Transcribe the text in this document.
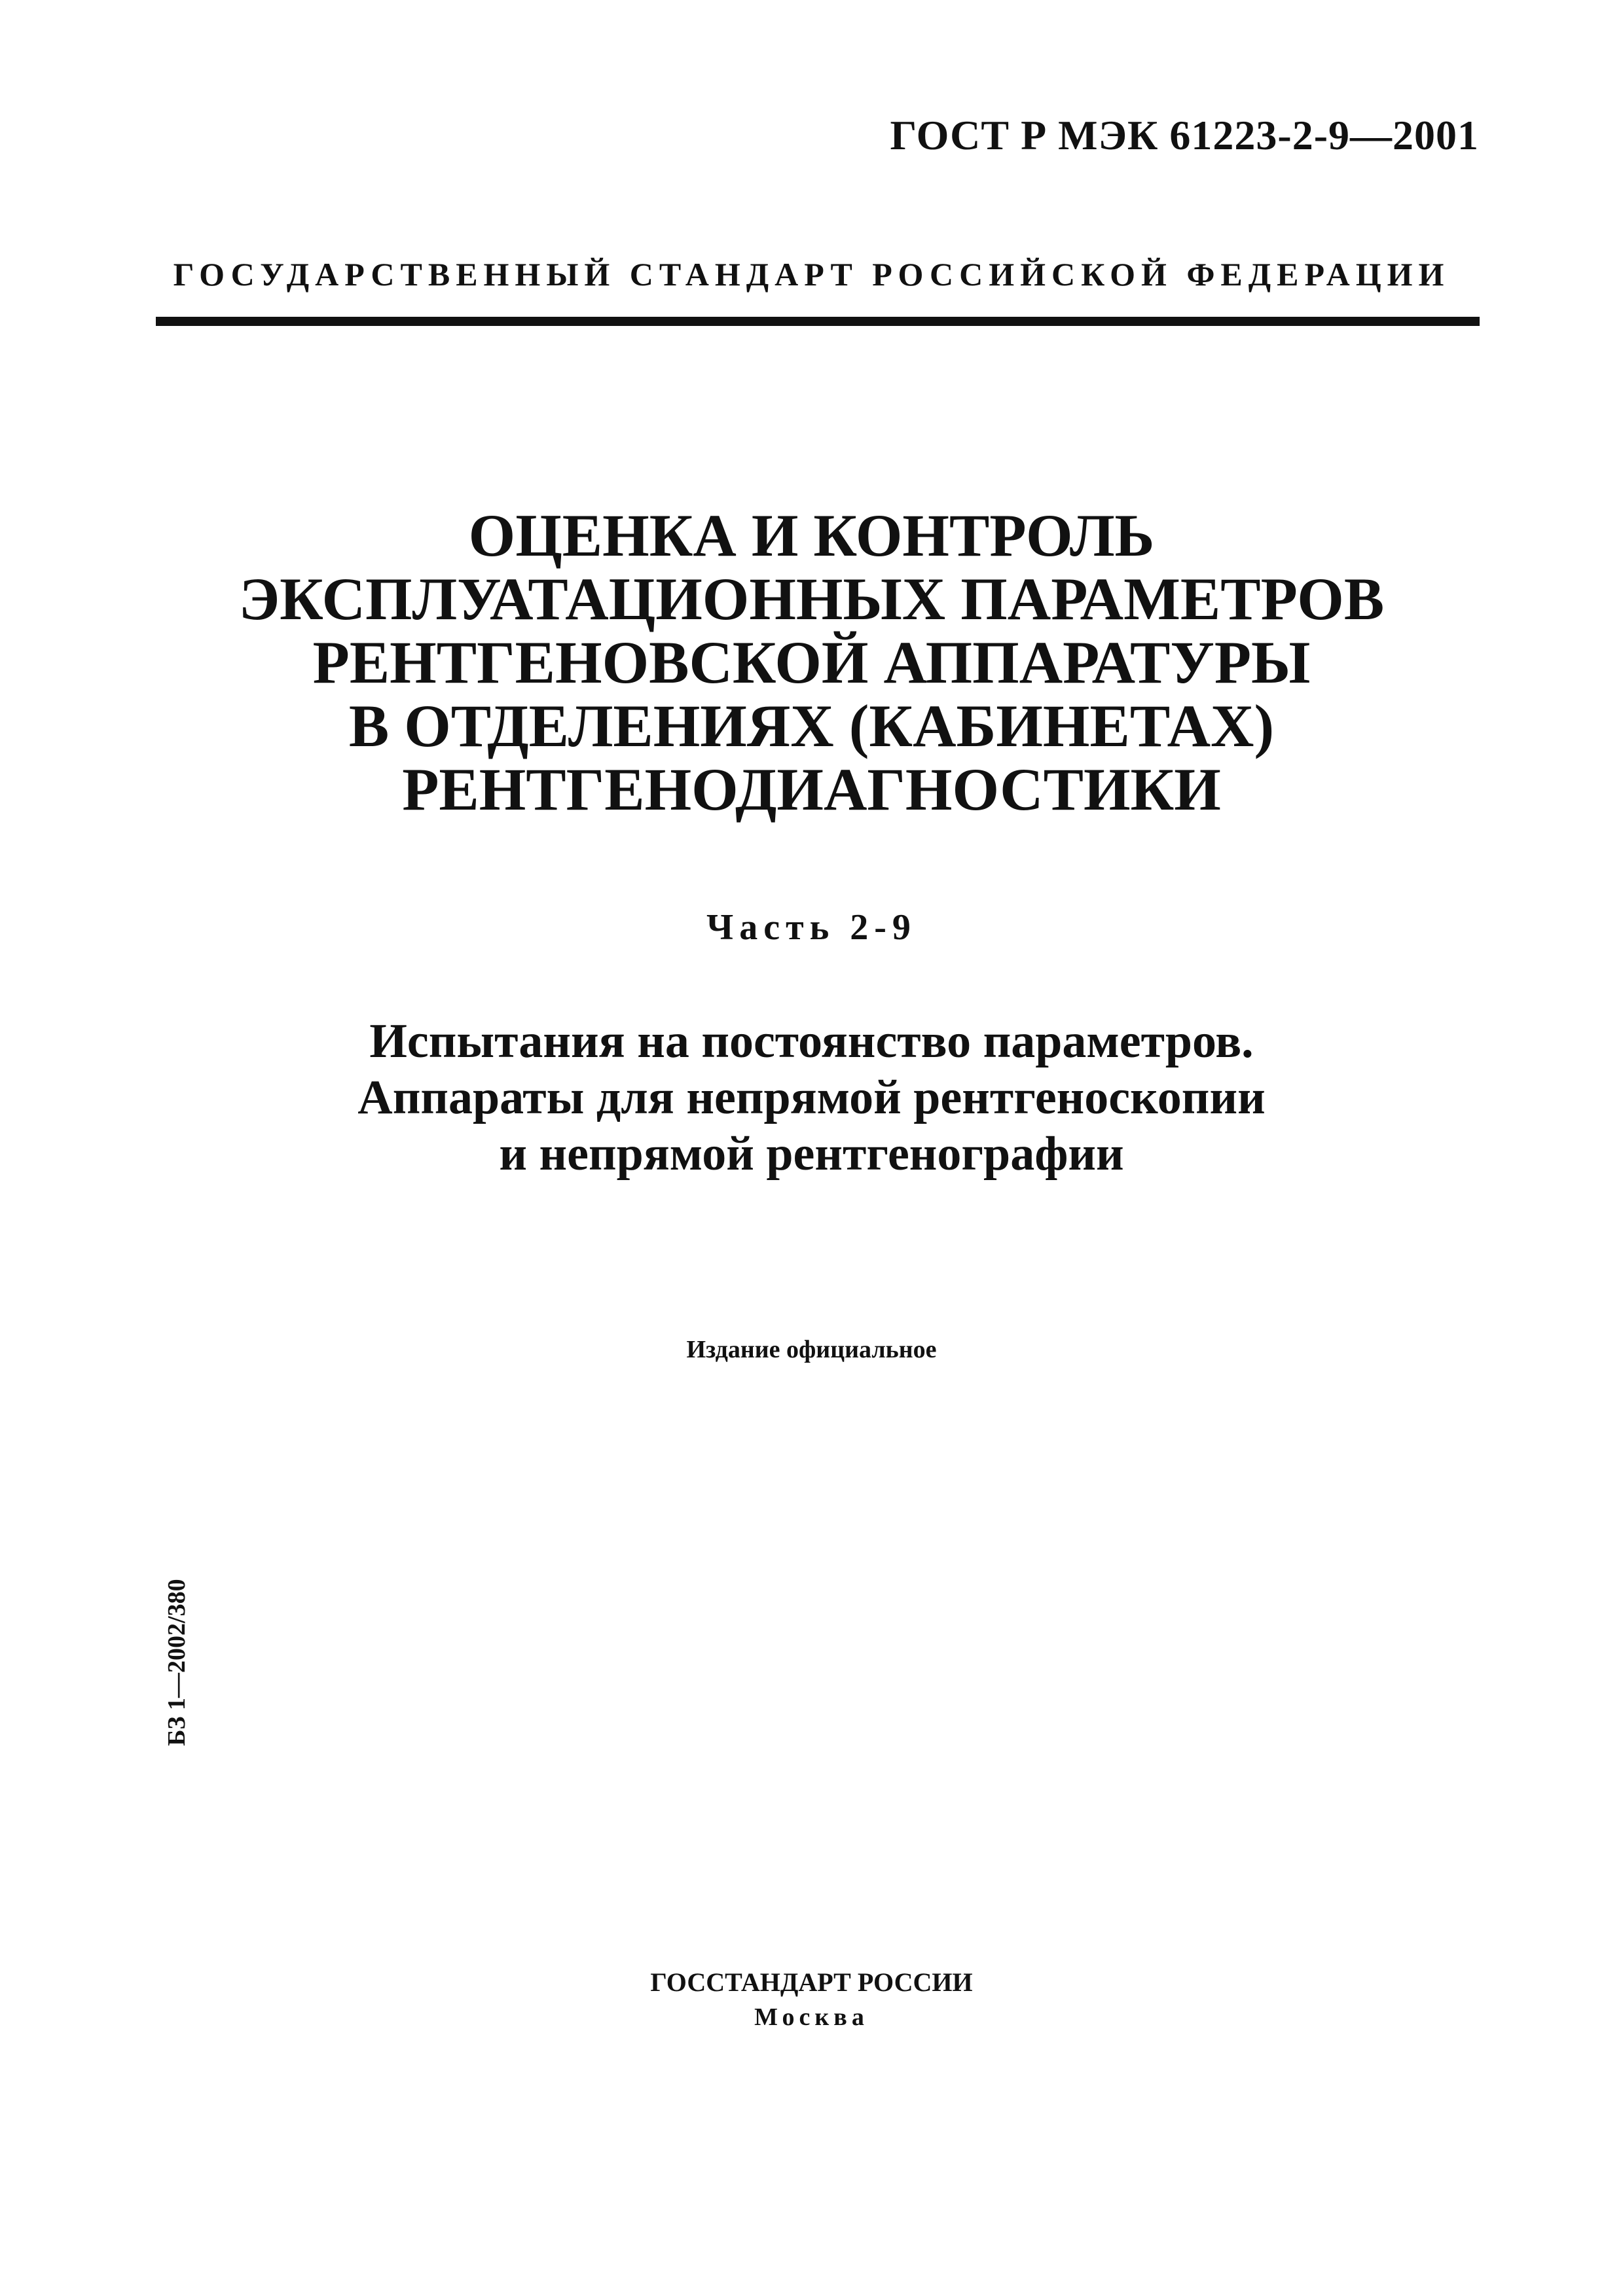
ГОСТ Р МЭК 61223-2-9—2001
ГОСУДАРСТВЕННЫЙ СТАНДАРТ РОССИЙСКОЙ ФЕДЕРАЦИИ
ОЦЕНКА И КОНТРОЛЬ
ЭКСПЛУАТАЦИОННЫХ ПАРАМЕТРОВ
РЕНТГЕНОВСКОЙ АППАРАТУРЫ
В ОТДЕЛЕНИЯХ (КАБИНЕТАХ)
РЕНТГЕНОДИАГНОСТИКИ
Часть 2-9
Испытания на постоянство параметров.
Аппараты для непрямой рентгеноскопии
и непрямой рентгенографии
Издание официальное
БЗ 1—2002/380
ГОССТАНДАРТ РОССИИ
Москва
